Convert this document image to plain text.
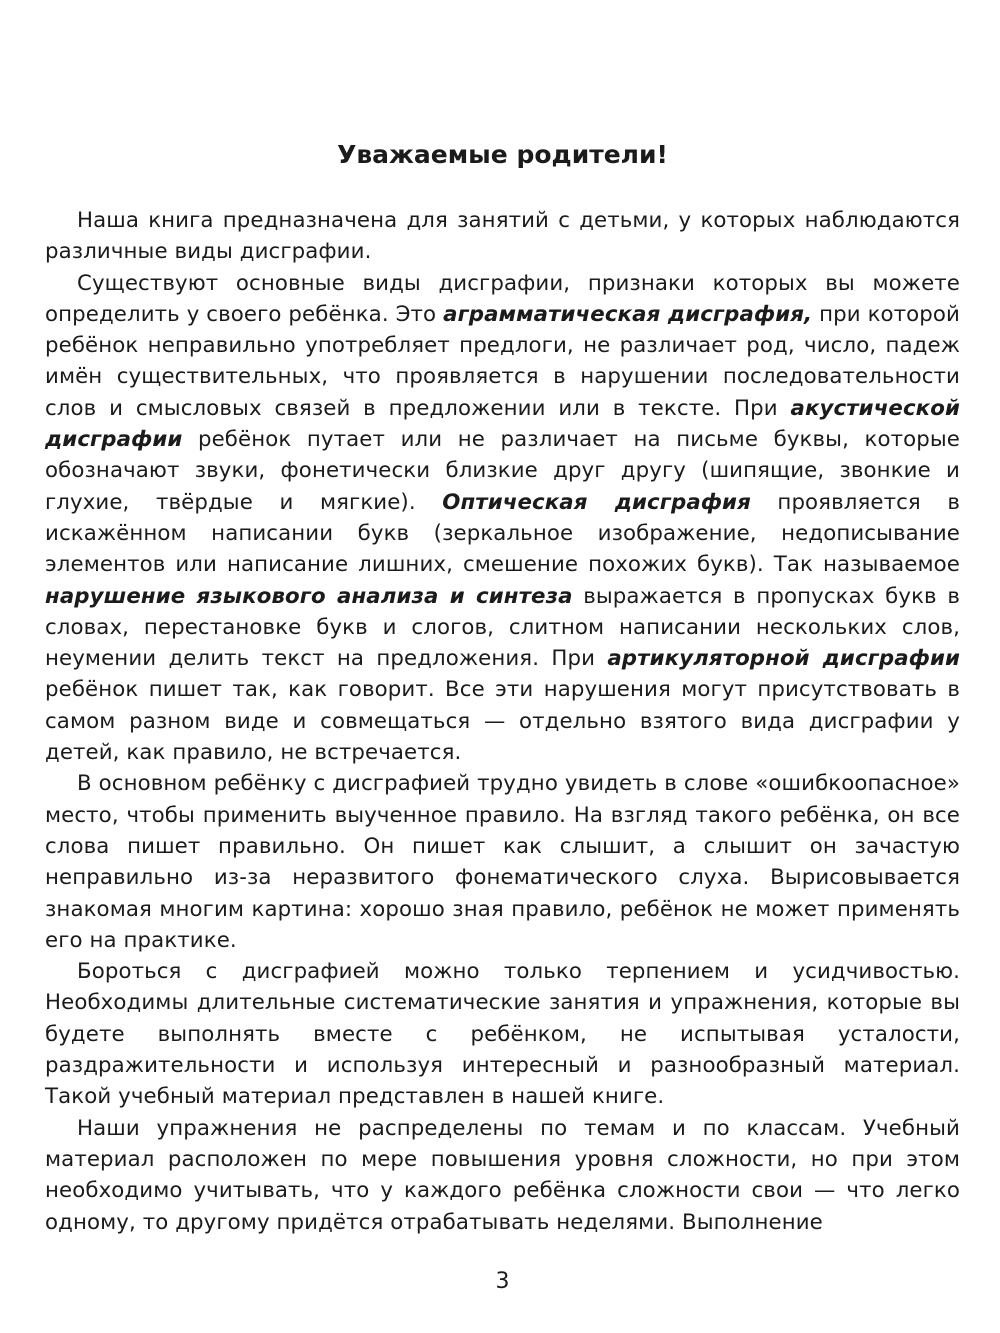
Уважаемые родители!

Наша книга предназначена для занятий с детьми, у которых наблюдаются различные виды дисграфии.

Существуют основные виды дисграфии, признаки которых вы можете определить у своего ребёнка. Это аграмматическая дисграфия, при которой ребёнок неправильно употребляет предлоги, не различает род, число, падеж имён существительных, что проявляется в нарушении последовательности слов и смысловых связей в предложении или в тексте. При акустической дисграфии ребёнок путает или не различает на письме буквы, которые обозначают звуки, фонетически близкие друг другу (шипящие, звонкие и глухие, твёрдые и мягкие). Оптическая дисграфия проявляется в искажённом написании букв (зеркальное изображение, недописывание элементов или написание лишних, смешение похожих букв). Так называемое нарушение языкового анализа и синтеза выражается в пропусках букв в словах, перестановке букв и слогов, слитном написании нескольких слов, неумении делить текст на предложения. При артикуляторной дисграфии ребёнок пишет так, как говорит. Все эти нарушения могут присутствовать в самом разном виде и совмещаться — отдельно взятого вида дисграфии у детей, как правило, не встречается.

В основном ребёнку с дисграфией трудно увидеть в слове «ошибкоопасное» место, чтобы применить выученное правило. На взгляд такого ребёнка, он все слова пишет правильно. Он пишет как слышит, а слышит он зачастую неправильно из-за неразвитого фонематического слуха. Вырисовывается знакомая многим картина: хорошо зная правило, ребёнок не может применять его на практике.

Бороться с дисграфией можно только терпением и усидчивостью. Необходимы длительные систематические занятия и упражнения, которые вы будете выполнять вместе с ребёнком, не испытывая усталости, раздражительности и используя интересный и разнообразный материал. Такой учебный материал представлен в нашей книге.

Наши упражнения не распределены по темам и по классам. Учебный материал расположен по мере повышения уровня сложности, но при этом необходимо учитывать, что у каждого ребёнка сложности свои — что легко одному, то другому придётся отрабатывать неделями. Выполнение

3
